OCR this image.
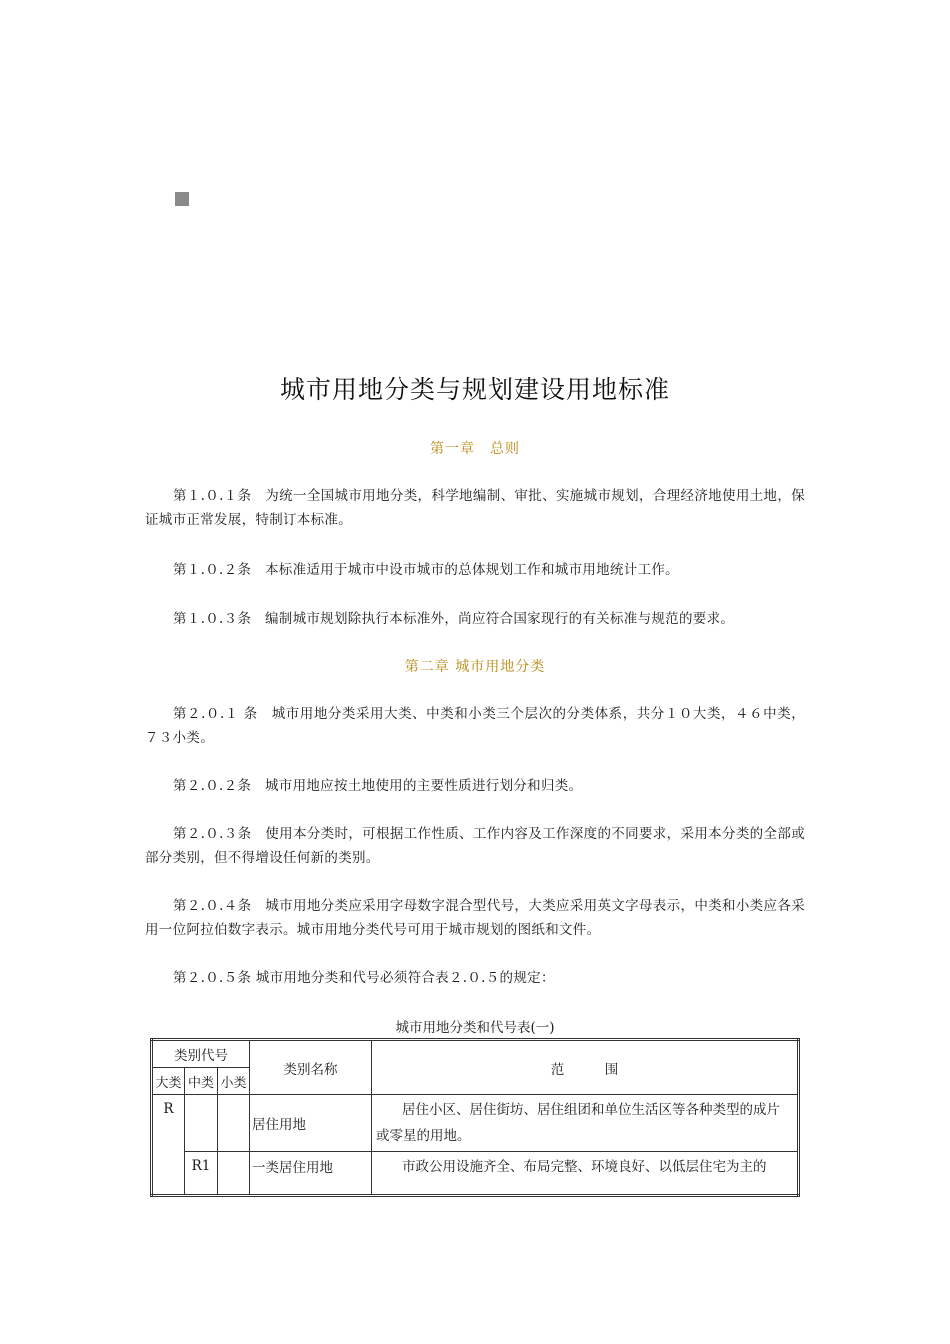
城市用地分类与规划建设用地标准
第一章　总则
第１.０.１条　为统一全国城市用地分类，科学地编制、审批、实施城市规划，合理经济地使用土地，保证城市正常发展，特制订本标准。
第１.０.２条　本标准适用于城市中设市城市的总体规划工作和城市用地统计工作。
第１.０.３条　编制城市规划除执行本标准外，尚应符合国家现行的有关标准与规范的要求。
第二章 城市用地分类
第２.０.１ 条　城市用地分类采用大类、中类和小类三个层次的分类体系，共分１０大类，４６中类，７３小类。
第２.０.２条　城市用地应按土地使用的主要性质进行划分和归类。
第２.０.３条　使用本分类时，可根据工作性质、工作内容及工作深度的不同要求，采用本分类的全部或部分类别，但不得增设任何新的类别。
第２.０.４条　城市用地分类应采用字母数字混合型代号，大类应采用英文字母表示，中类和小类应各采用一位阿拉伯数字表示。城市用地分类代号可用于城市规划的图纸和文件。
第２.０.５条 城市用地分类和代号必须符合表２.０.５的规定：
城市用地分类和代号表(一)
类别代号			类别名称	范　　　围
大类	中类	小类		
R			居住用地	居住小区、居住街坊、居住组团和单位生活区等各种类型的成片或零星的用地。
	R1		一类居住用地	市政公用设施齐全、布局完整、环境良好、以低层住宅为主的
